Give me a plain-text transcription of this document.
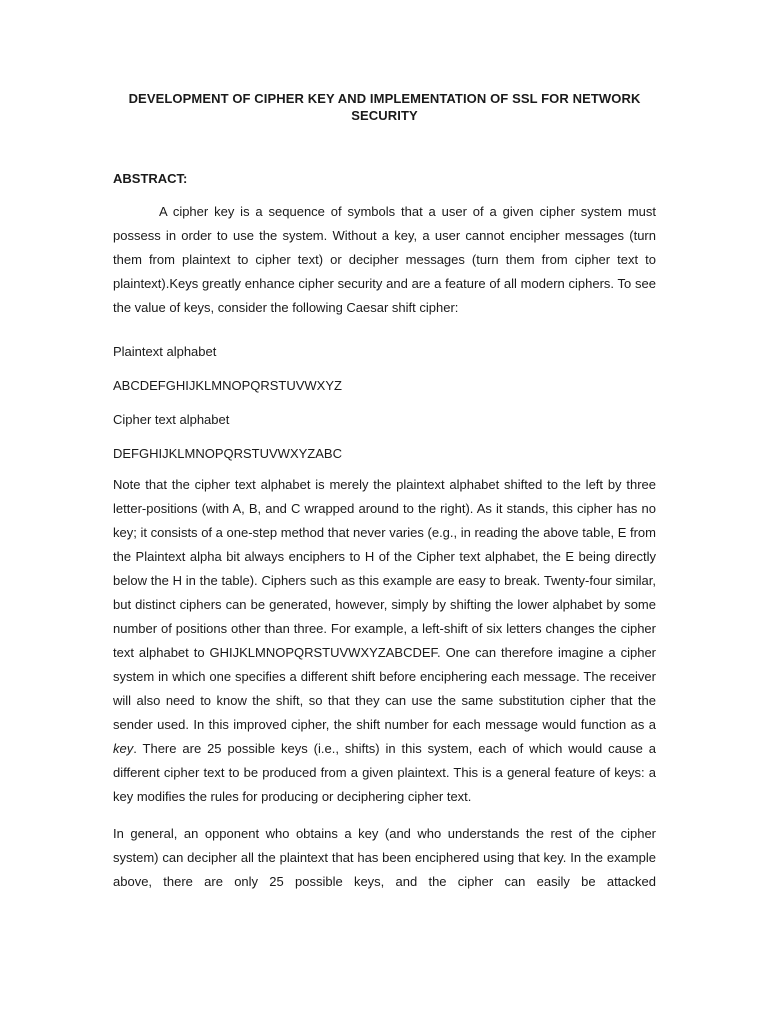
DEVELOPMENT OF CIPHER KEY AND IMPLEMENTATION OF SSL FOR NETWORK SECURITY
ABSTRACT:

A cipher key is a sequence of symbols that a user of a given cipher system must possess in order to use the system. Without a key, a user cannot encipher messages (turn them from plaintext to cipher text) or decipher messages (turn them from cipher text to plaintext).Keys greatly enhance cipher security and are a feature of all modern ciphers. To see the value of keys, consider the following Caesar shift cipher:

Plaintext alphabet

ABCDEFGHIJKLMNOPQRSTUVWXYZ

Cipher text alphabet

DEFGHIJKLMNOPQRSTUVWXYZABC

Note that the cipher text alphabet is merely the plaintext alphabet shifted to the left by three letter-positions (with A, B, and C wrapped around to the right). As it stands, this cipher has no key; it consists of a one-step method that never varies (e.g., in reading the above table, E from the Plaintext alpha bit always enciphers to H of the Cipher text alphabet, the E being directly below the H in the table). Ciphers such as this example are easy to break. Twenty-four similar, but distinct ciphers can be generated, however, simply by shifting the lower alphabet by some number of positions other than three. For example, a left-shift of six letters changes the cipher text alphabet to GHIJKLMNOPQRSTUVWXYZABCDEF. One can therefore imagine a cipher system in which one specifies a different shift before enciphering each message. The receiver will also need to know the shift, so that they can use the same substitution cipher that the sender used. In this improved cipher, the shift number for each message would function as a key. There are 25 possible keys (i.e., shifts) in this system, each of which would cause a different cipher text to be produced from a given plaintext. This is a general feature of keys: a key modifies the rules for producing or deciphering cipher text.

In general, an opponent who obtains a key (and who understands the rest of the cipher system) can decipher all the plaintext that has been enciphered using that key. In the example above, there are only 25 possible keys, and the cipher can easily be attacked
